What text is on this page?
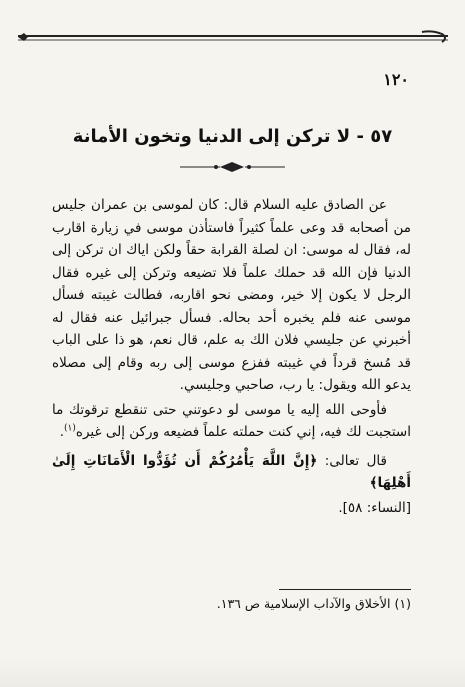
١٢٠
٥٧ - لا تركن إلى الدنيا وتخون الأمانة

عن الصادق عليه السلام قال: كان لموسى بن عمران جليس من أصحابه قد وعى علماً كثيراً فاستأذن موسى في زيارة اقارب له، فقال له موسى: ان لصلة القرابة حقاً ولكن اياك ان تركن إلى الدنيا فإن الله قد حملك علماً فلا تضيعه وتركن إلى غيره فقال الرجل لا يكون إلا خير، ومضى نحو اقاربه، فطالت غيبته فسأل موسى عنه فلم يخبره أحد بحاله. فسأل جبرائيل عنه فقال له أخبرني عن جليسي فلان الك به علم، قال نعم، هو ذا على الباب قد مُسخ قرداً في غيبته ففزع موسى إلى ربه وقام إلى مصلاه يدعو الله ويقول: يا رب، صاحبي وجليسي.

فأوحى الله إليه يا موسى لو دعوتني حتى تنقطع ترقوتك ما استجبت لك فيه، إني كنت حملته علماً فضيعه وركن إلى غيره$^{(١)}$.

قال تعالى: ﴿إِنَّ اللَّهَ يَأْمُرُكُمْ أَن تُؤَدُّوا الْأَمَانَاتِ إِلَىٰ أَهْلِهَا﴾

[النساء: ٥٨].

(١) الأخلاق والآداب الإسلامية ص ١٣٦.
